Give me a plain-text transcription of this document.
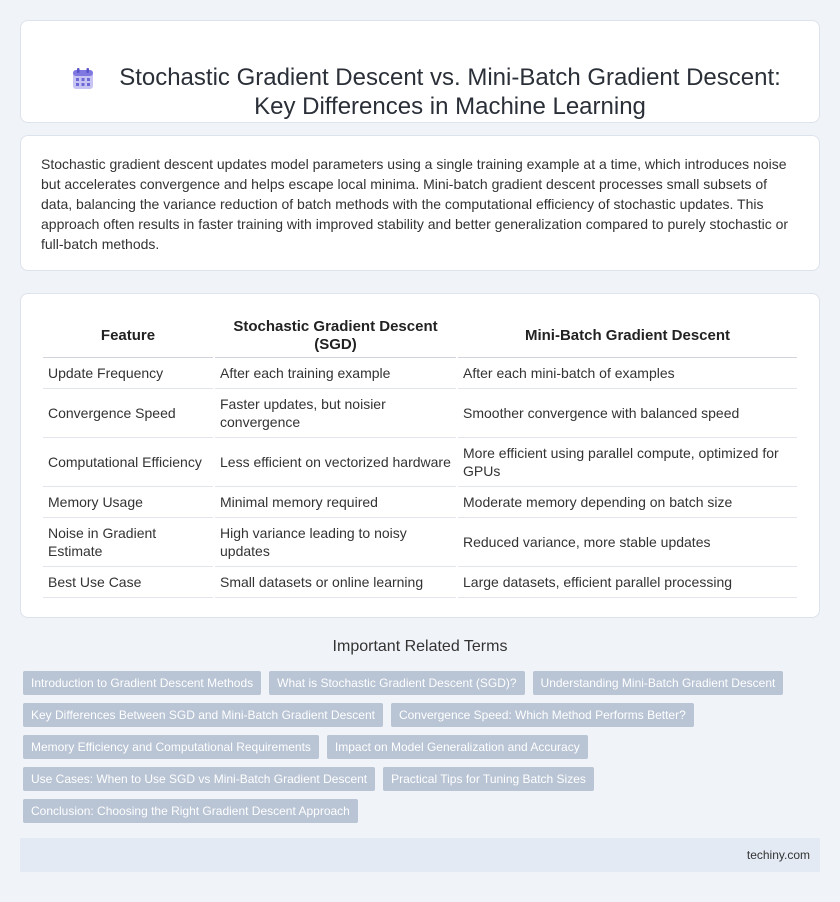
Stochastic Gradient Descent vs. Mini-Batch Gradient Descent: Key Differences in Machine Learning

Stochastic gradient descent updates model parameters using a single training example at a time, which introduces noise but accelerates convergence and helps escape local minima. Mini-batch gradient descent processes small subsets of data, balancing the variance reduction of batch methods with the computational efficiency of stochastic updates. This approach often results in faster training with improved stability and better generalization compared to purely stochastic or full-batch methods.

Feature	Stochastic Gradient Descent (SGD)	Mini-Batch Gradient Descent
Update Frequency	After each training example	After each mini-batch of examples
Convergence Speed	Faster updates, but noisier convergence	Smoother convergence with balanced speed
Computational Efficiency	Less efficient on vectorized hardware	More efficient using parallel compute, optimized for GPUs
Memory Usage	Minimal memory required	Moderate memory depending on batch size
Noise in Gradient Estimate	High variance leading to noisy updates	Reduced variance, more stable updates
Best Use Case	Small datasets or online learning	Large datasets, efficient parallel processing
Important Related Terms
Introduction to Gradient Descent Methods	What is Stochastic Gradient Descent (SGD)?	Understanding Mini-Batch Gradient Descent
Key Differences Between SGD and Mini-Batch Gradient Descent	Convergence Speed: Which Method Performs Better?
Memory Efficiency and Computational Requirements	Impact on Model Generalization and Accuracy
Use Cases: When to Use SGD vs Mini-Batch Gradient Descent	Practical Tips for Tuning Batch Sizes
Conclusion: Choosing the Right Gradient Descent Approach
techiny.com
